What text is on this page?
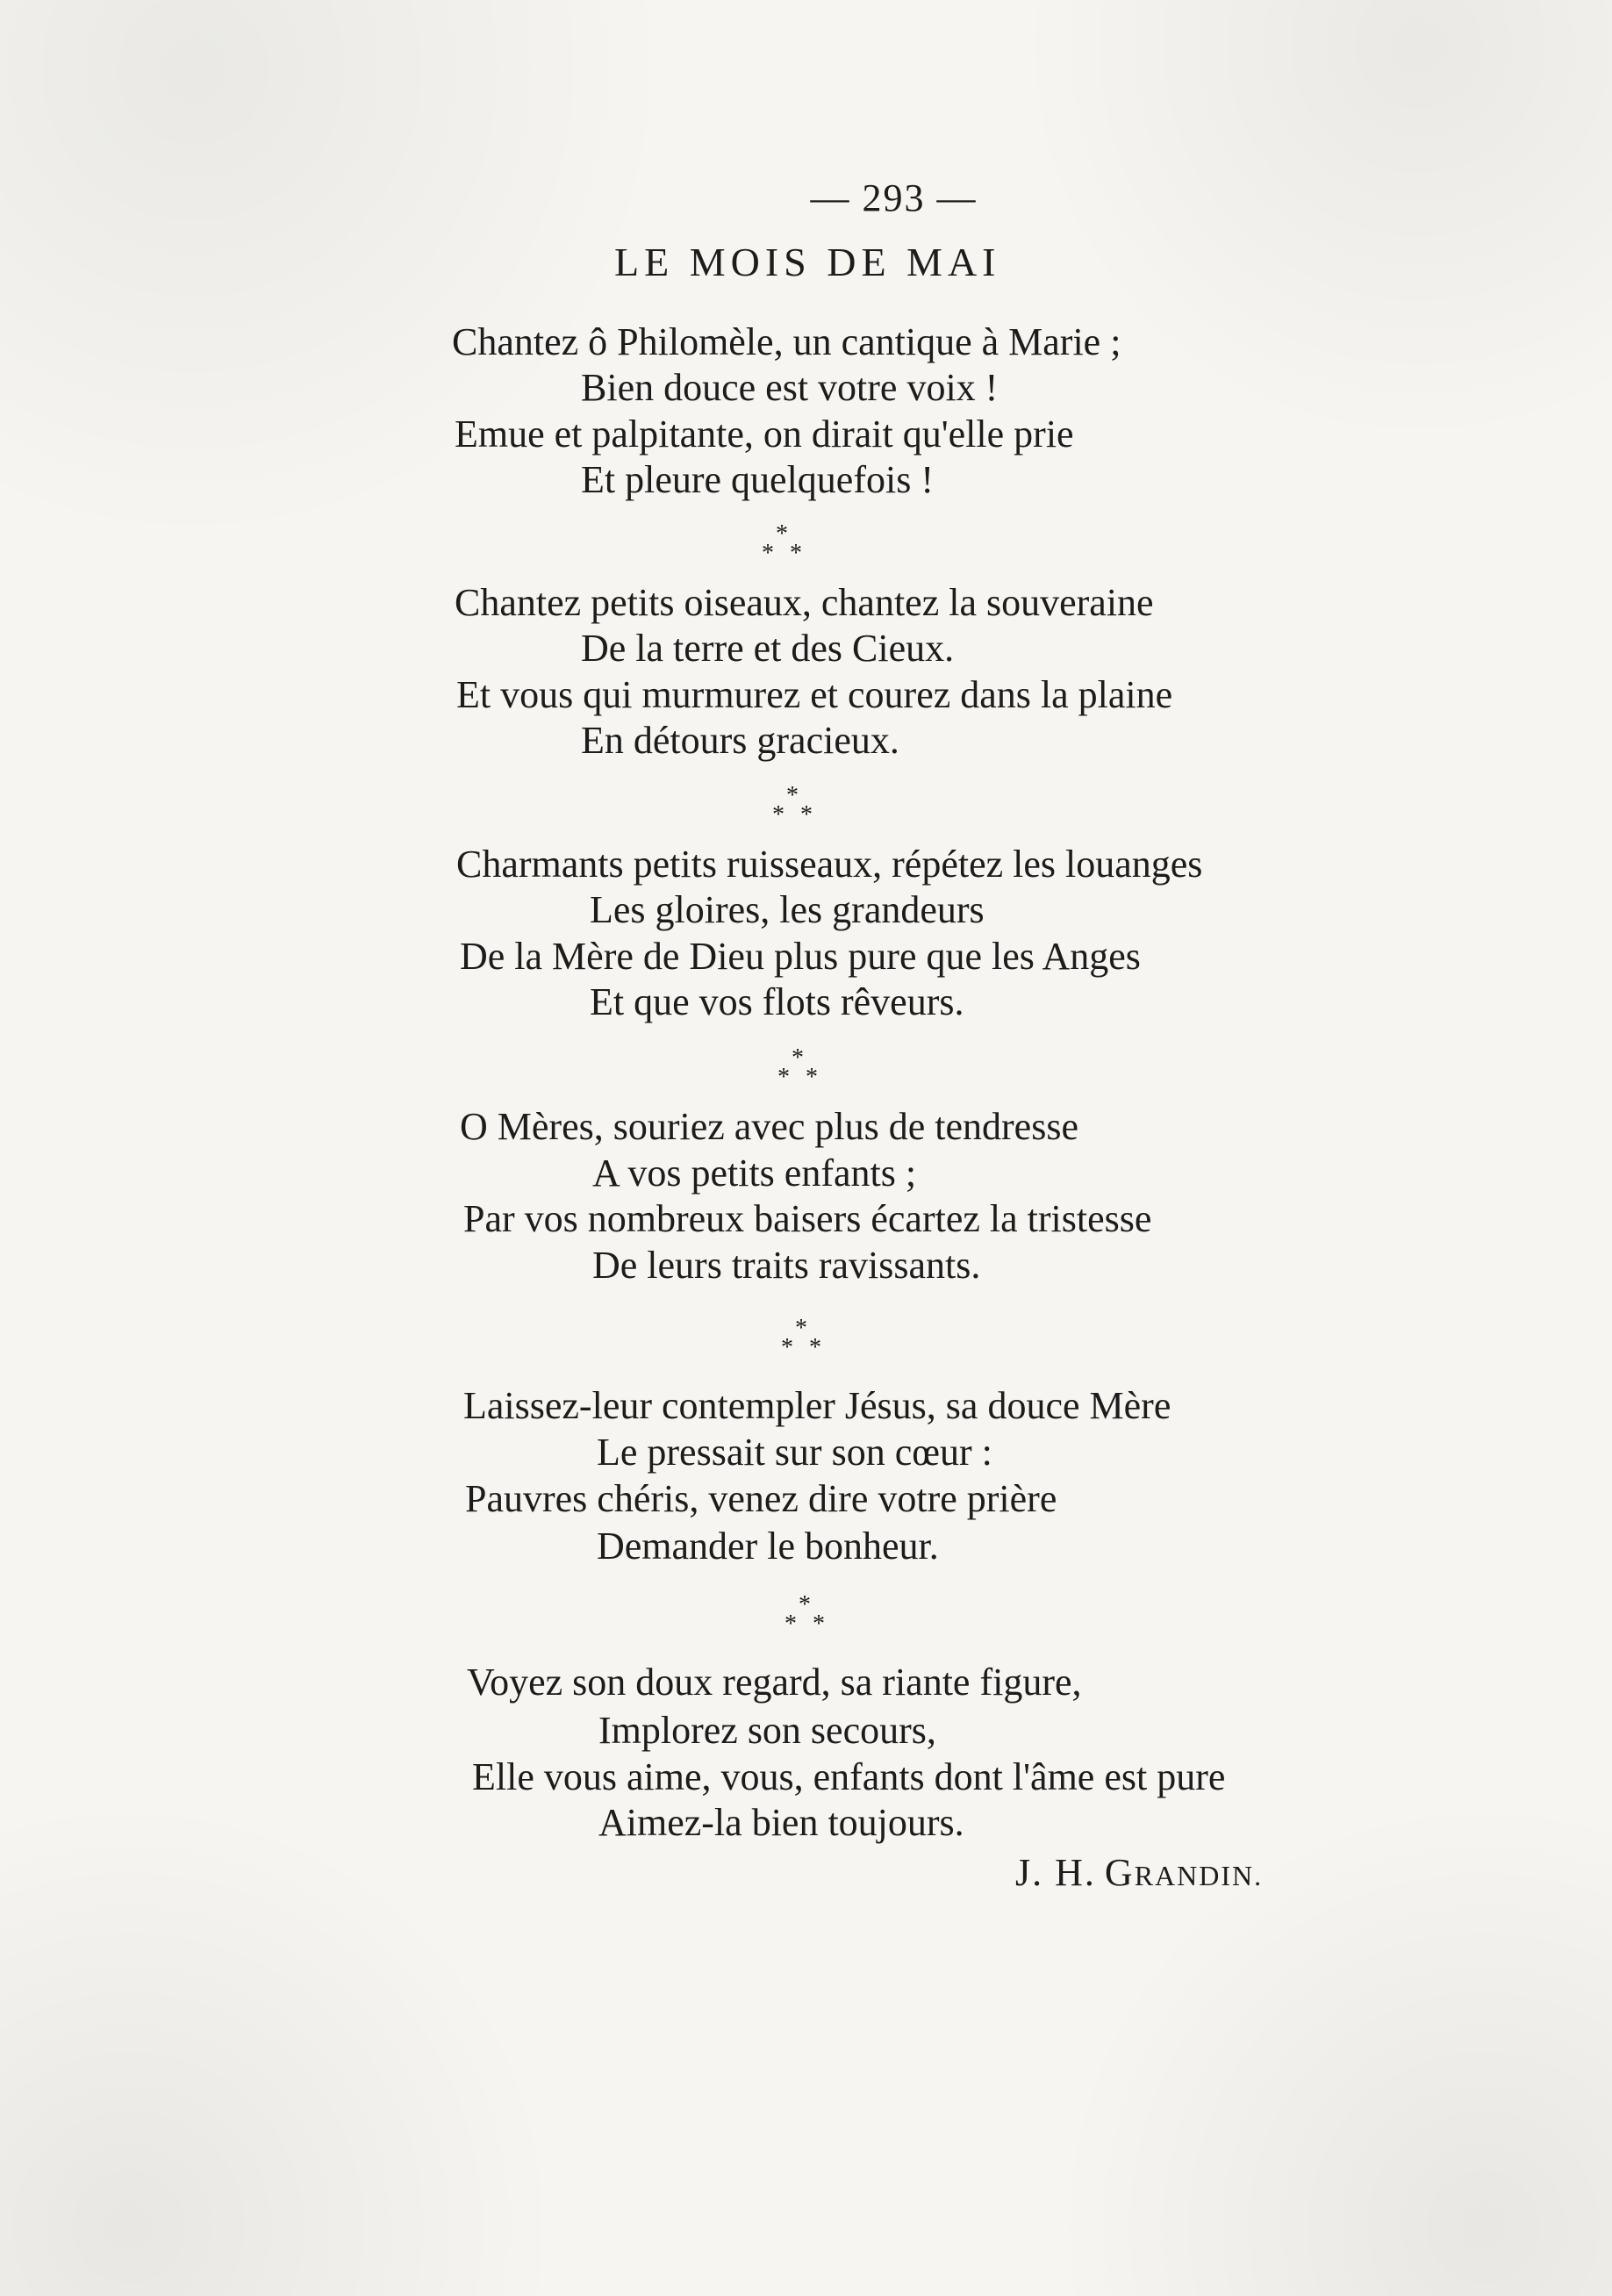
— 293 —
LE MOIS DE MAI
Chantez ô Philomèle, un cantique à Marie ;
Bien douce est votre voix !
Emue et palpitante, on dirait qu'elle prie
Et pleure quelquefois !
*
* *
Chantez petits oiseaux, chantez la souveraine
De la terre et des Cieux.
Et vous qui murmurez et courez dans la plaine
En détours gracieux.
*
* *
Charmants petits ruisseaux, répétez les louanges
Les gloires, les grandeurs
De la Mère de Dieu plus pure que les Anges
Et que vos flots rêveurs.
*
* *
O Mères, souriez avec plus de tendresse
A vos petits enfants ;
Par vos nombreux baisers écartez la tristesse
De leurs traits ravissants.
*
* *
Laissez-leur contempler Jésus, sa douce Mère
Le pressait sur son cœur :
Pauvres chéris, venez dire votre prière
Demander le bonheur.
*
* *
Voyez son doux regard, sa riante figure,
Implorez son secours,
Elle vous aime, vous, enfants dont l'âme est pure
Aimez-la bien toujours.
J. H. GRANDIN.
